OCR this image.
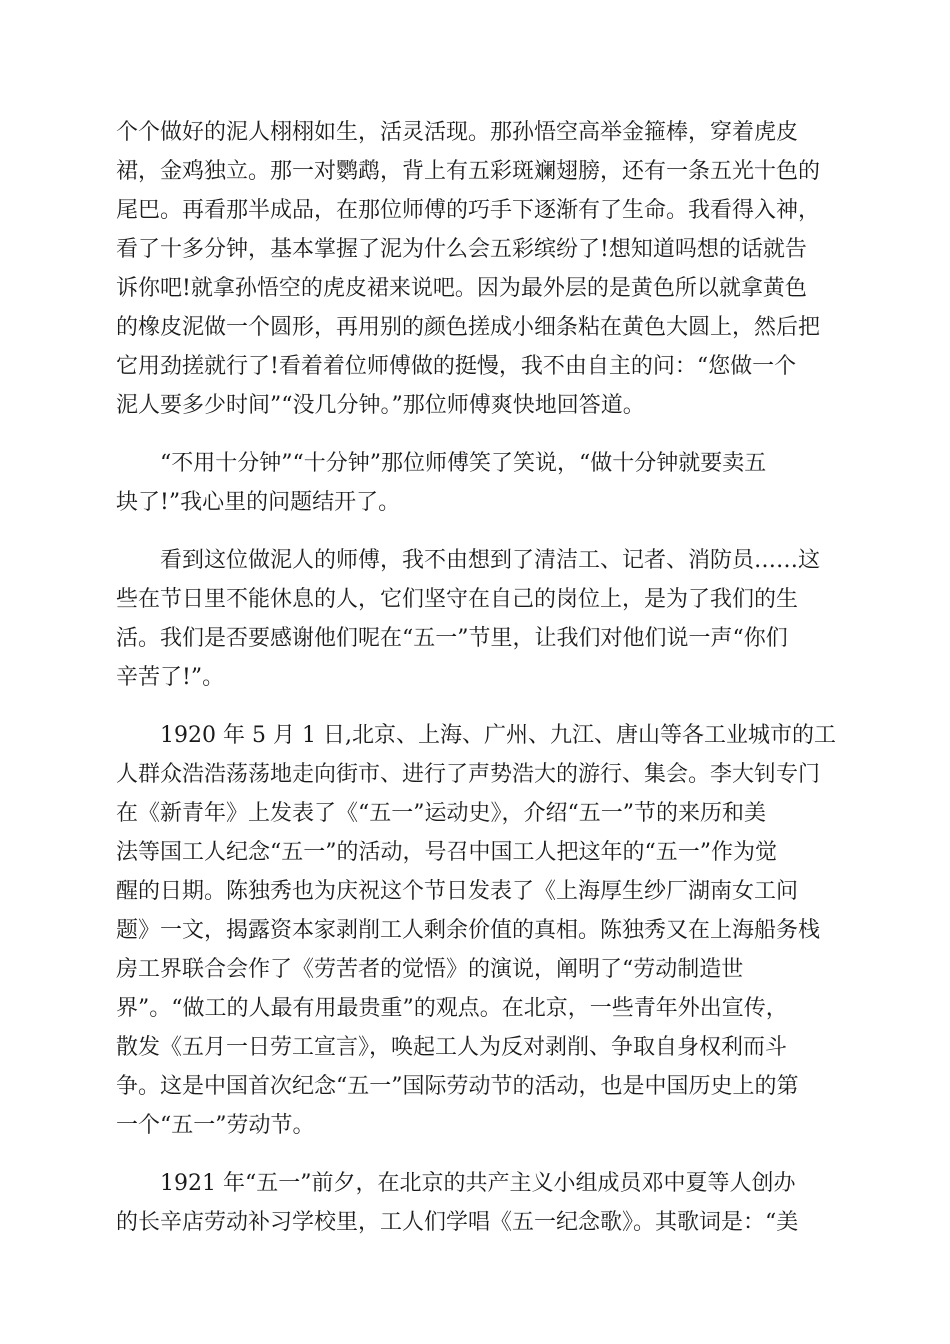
个个做好的泥人栩栩如生，活灵活现。那孙悟空高举金箍棒，穿着虎皮
裙，金鸡独立。那一对鹦鹉，背上有五彩斑斓翅膀，还有一条五光十色的
尾巴。再看那半成品，在那位师傅的巧手下逐渐有了生命。我看得入神，
看了十多分钟，基本掌握了泥为什么会五彩缤纷了!想知道吗想的话就告
诉你吧!就拿孙悟空的虎皮裙来说吧。因为最外层的是黄色所以就拿黄色
的橡皮泥做一个圆形，再用别的颜色搓成小细条粘在黄色大圆上，然后把
它用劲搓就行了!看着着位师傅做的挺慢，我不由自主的问：“您做一个
泥人要多少时间”“没几分钟。”那位师傅爽快地回答道。

“不用十分钟”“十分钟”那位师傅笑了笑说，“做十分钟就要卖五
块了!”我心里的问题结开了。

看到这位做泥人的师傅，我不由想到了清洁工、记者、消防员……这
些在节日里不能休息的人，它们坚守在自己的岗位上，是为了我们的生
活。我们是否要感谢他们呢在“五一”节里，让我们对他们说一声“你们
辛苦了!”。

1920 年 5 月 1 日,北京、上海、广州、九江、唐山等各工业城市的工
人群众浩浩荡荡地走向街市、进行了声势浩大的游行、集会。李大钊专门
在《新青年》上发表了《“五一”运动史》，介绍“五一”节的来历和美
法等国工人纪念“五一”的活动，号召中国工人把这年的“五一”作为觉
醒的日期。陈独秀也为庆祝这个节日发表了《上海厚生纱厂湖南女工问
题》一文，揭露资本家剥削工人剩余价值的真相。陈独秀又在上海船务栈
房工界联合会作了《劳苦者的觉悟》的演说，阐明了“劳动制造世
界”。“做工的人最有用最贵重”的观点。在北京，一些青年外出宣传，
散发《五月一日劳工宣言》，唤起工人为反对剥削、争取自身权利而斗
争。这是中国首次纪念“五一”国际劳动节的活动，也是中国历史上的第
一个“五一”劳动节。

1921 年“五一”前夕，在北京的共产主义小组成员邓中夏等人创办
的长辛店劳动补习学校里，工人们学唱《五一纪念歌》。其歌词是：“美
